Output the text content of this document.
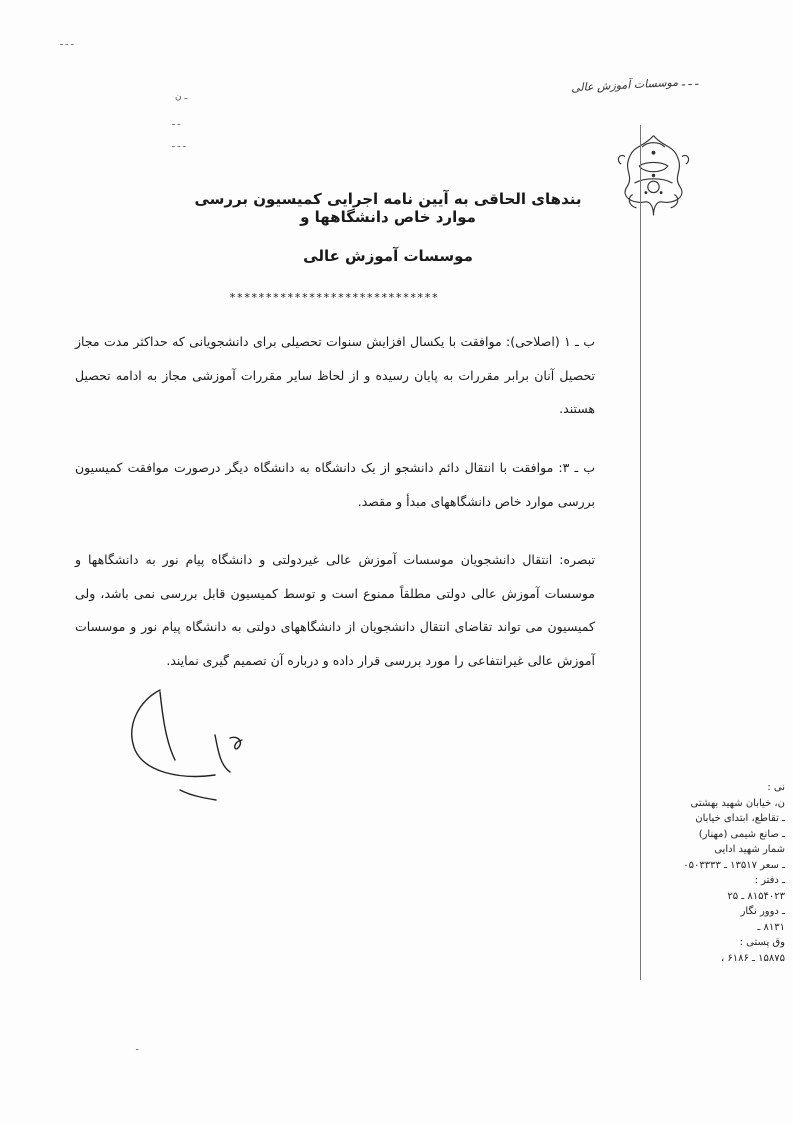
ـ ـ ـ
ـ ن
ـ ـ
ـ ـ ـ
ـ ـ ـ موسسات آموزش عالی
بندهای الحاقی به آیین نامه اجرایی کمیسیون بررسی موارد خاص دانشگاهها و
موسسات آموزش عالی
*****************************
ب ـ ۱ (اصلاحی): موافقت با یکسال افزایش سنوات تحصیلی برای دانشجویانی که حداکثر مدت مجاز تحصیل آنان برابر مقررات به پایان رسیده و از لحاظ سایر مقررات آموزشی مجاز به ادامه تحصیل هستند.
ب ـ ۳: موافقت با انتقال دائم دانشجو از یک دانشگاه به دانشگاه دیگر درصورت موافقت کمیسیون بررسی موارد خاص دانشگاههای مبدأ و مقصد.
تبصره: انتقال دانشجویان موسسات آموزش عالی غیردولتی و دانشگاه پیام نور به دانشگاهها و موسسات آموزش عالی دولتی مطلقاً ممنوع است و توسط کمیسیون قابل بررسی نمی باشد، ولی کمیسیون می تواند تقاضای انتقال دانشجویان از دانشگاههای دولتی به دانشگاه پیام نور و موسسات آموزش عالی غیرانتفاعی را مورد بررسی قرار داده و درباره آن تصمیم گیری نمایند.
نی :
ن، خیابان شهید بهشتی
ـ تقاطع، ابتدای خیابان
ـ صانع شیمی (مهنار)
شمار شهید ادایی
ـ سعر ۱۳۵۱۷ ـ ۰۵۰۳۳۳۳
ـ دفتر :
۸۱۵۴۰۲۳ ـ ۲۵
ـ دوور نگار
۸۱۳۱ ـ
وق پستی :
۱۵۸۷۵ ـ ۶۱۸۶ ،
ـ
